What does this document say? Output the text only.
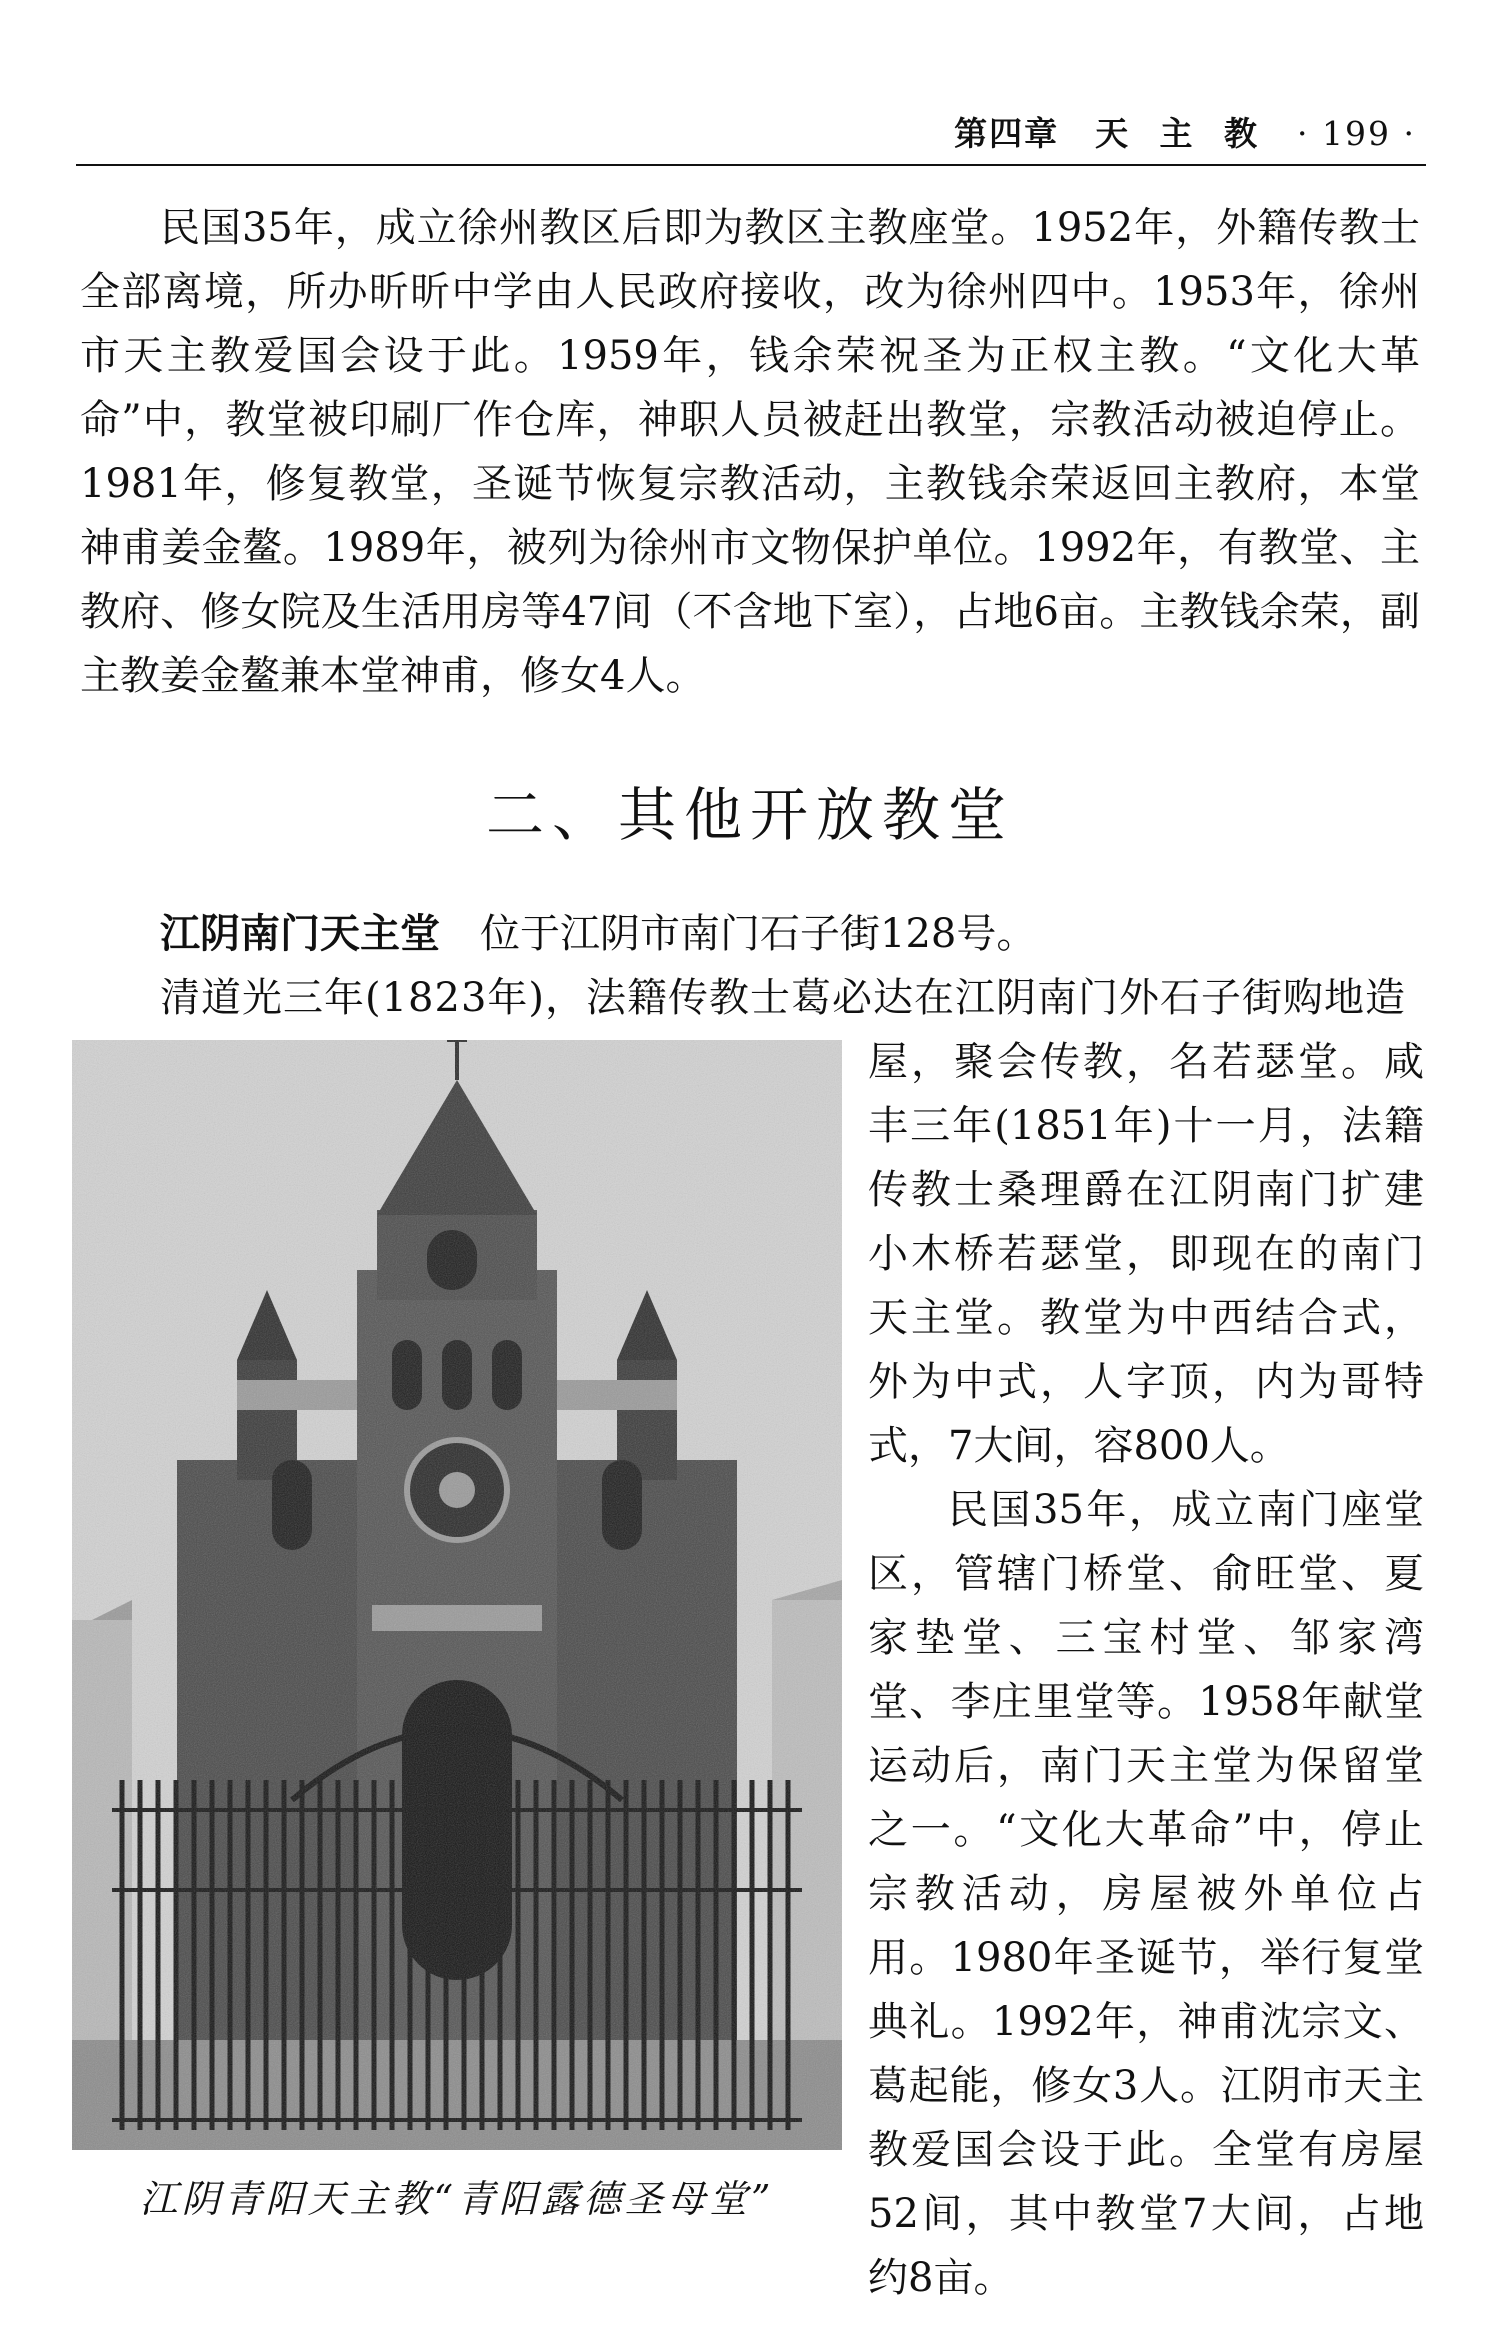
第四章 天 主 教 · 199 ·

民国35年，成立徐州教区后即为教区主教座堂。1952年，外籍传教士全部离境，所办昕昕中学由人民政府接收，改为徐州四中。1953年，徐州市天主教爱国会设于此。1959年，钱余荣祝圣为正权主教。“文化大革命”中，教堂被印刷厂作仓库，神职人员被赶出教堂，宗教活动被迫停止。1981年，修复教堂，圣诞节恢复宗教活动，主教钱余荣返回主教府，本堂神甫姜金鳌。1989年，被列为徐州市文物保护单位。1992年，有教堂、主教府、修女院及生活用房等47间（不含地下室），占地6亩。主教钱余荣，副主教姜金鳌兼本堂神甫，修女4人。

二、其他开放教堂

江阴南门天主堂 位于江阴市南门石子街128号。

清道光三年(1823年)，法籍传教士葛必达在江阴南门外石子街购地造

屋，聚会传教，名若瑟堂。咸丰三年(1851年)十一月，法籍传教士桑理爵在江阴南门扩建小木桥若瑟堂，即现在的南门天主堂。教堂为中西结合式，外为中式，人字顶，内为哥特式，7大间，容800人。

民国35年，成立南门座堂区，管辖门桥堂、俞旺堂、夏家垫堂、三宝村堂、邹家湾堂、李庄里堂等。1958年献堂运动后，南门天主堂为保留堂之一。“文化大革命”中，停止宗教活动，房屋被外单位占用。1980年圣诞节，举行复堂典礼。1992年，神甫沈宗文、葛起能，修女3人。江阴市天主教爱国会设于此。全堂有房屋52间，其中教堂7大间，占地约8亩。

江阴青阳天主教“青阳露德圣母堂”
